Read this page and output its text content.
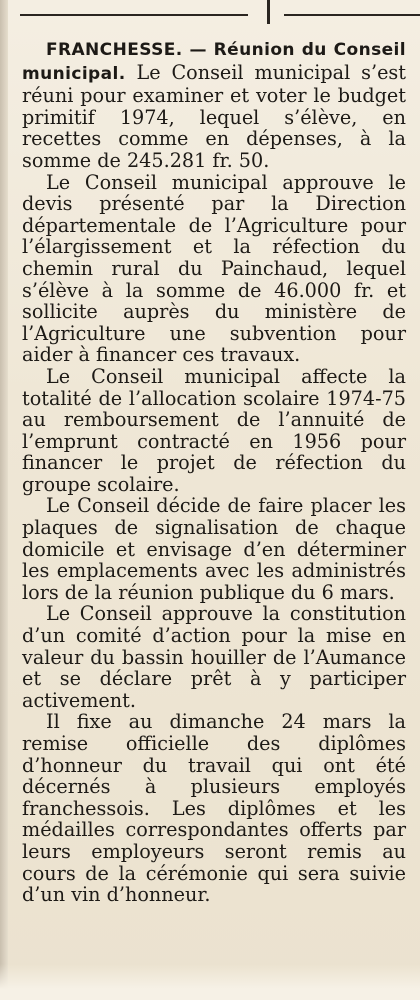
FRANCHESSE. — Réunion du Conseil municipal. Le Conseil municipal s’est réuni pour examiner et voter le budget primitif 1974, lequel s’élève, en recettes comme en dépenses, à la somme de 245.281 fr. 50.

Le Conseil municipal approuve le devis présenté par la Direction départementale de l’Agriculture pour l’élargissement et la réfection du chemin rural du Painchaud, lequel s’élève à la somme de 46.000 fr. et sollicite auprès du ministère de l’Agriculture une subvention pour aider à financer ces travaux.

Le Conseil municipal affecte la totalité de l’allocation scolaire 1974-75 au remboursement de l’annuité de l’emprunt contracté en 1956 pour financer le projet de réfection du groupe scolaire.

Le Conseil décide de faire placer les plaques de signalisation de chaque domicile et envisage d’en déterminer les emplacements avec les administrés lors de la réunion publique du 6 mars.

Le Conseil approuve la constitution d’un comité d’action pour la mise en valeur du bassin houiller de l’Aumance et se déclare prêt à y participer activement.

Il fixe au dimanche 24 mars la remise officielle des diplômes d’honneur du travail qui ont été décernés à plusieurs employés franchessois. Les diplômes et les médailles correspondantes offerts par leurs employeurs seront remis au cours de la cérémonie qui sera suivie d’un vin d’honneur.
